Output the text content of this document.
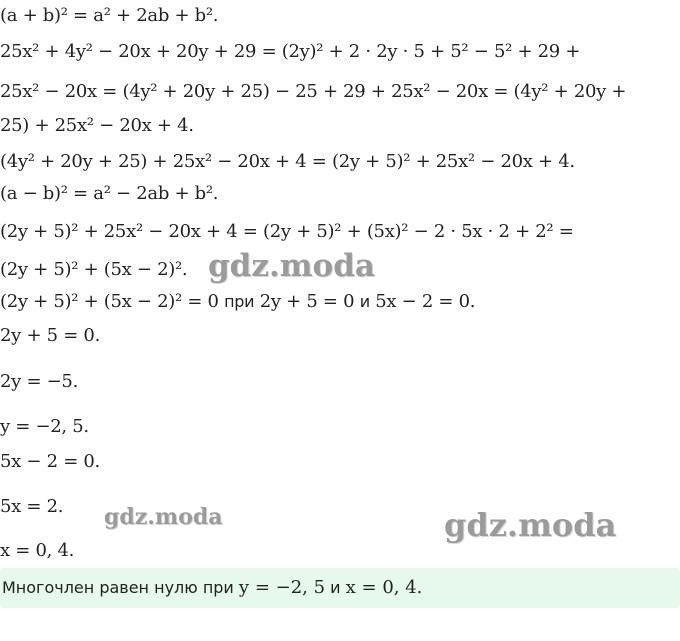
(a + b)² = a² + 2ab + b².
25x² + 4y² − 20x + 20y + 29 = (2y)² + 2 · 2y · 5 + 5² − 5² + 29 +
25x² − 20x = (4y² + 20y + 25) − 25 + 29 + 25x² − 20x = (4y² + 20y +
25) + 25x² − 20x + 4.
(4y² + 20y + 25) + 25x² − 20x + 4 = (2y + 5)² + 25x² − 20x + 4.
(a − b)² = a² − 2ab + b².
(2y + 5)² + 25x² − 20x + 4 = (2y + 5)² + (5x)² − 2 · 5x · 2 + 2² =
(2y + 5)² + (5x − 2)².
(2y + 5)² + (5x − 2)² = 0 при 2y + 5 = 0 и 5x − 2 = 0.
2y + 5 = 0.
2y = −5.
y = −2, 5.
5x − 2 = 0.
5x = 2.
x = 0, 4.
gdz.moda
gdz.moda	gdz.moda
Многочлен равен нулю при y = −2, 5 и x = 0, 4.
